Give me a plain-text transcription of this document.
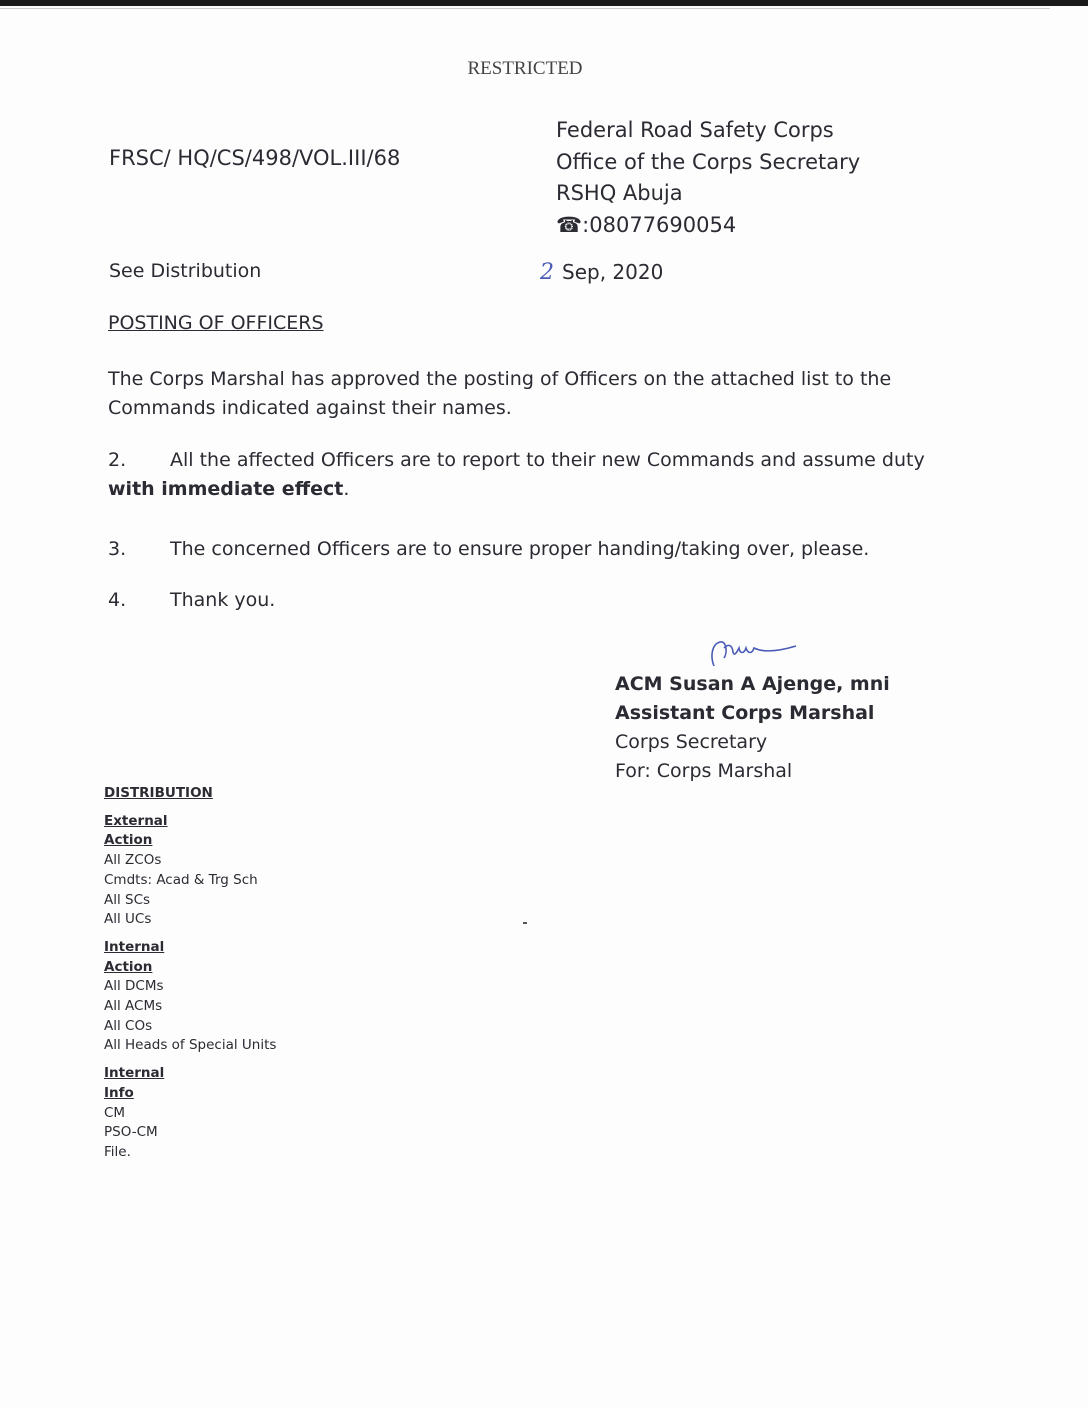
RESTRICTED
FRSC/ HQ/CS/498/VOL.III/68
Federal Road Safety Corps
Office of the Corps Secretary
RSHQ Abuja
☎:08077690054
See Distribution	2 Sep, 2020
POSTING OF OFFICERS
The Corps Marshal has approved the posting of Officers on the attached list to the Commands indicated against their names.
2. All the affected Officers are to report to their new Commands and assume duty with immediate effect.
3. The concerned Officers are to ensure proper handing/taking over, please.
4. Thank you.
ACM Susan A Ajenge, mni
Assistant Corps Marshal
Corps Secretary
For: Corps Marshal
DISTRIBUTION
External
Action
All ZCOs
Cmdts: Acad & Trg Sch
All SCs
All UCs
Internal
Action
All DCMs
All ACMs
All COs
All Heads of Special Units
Internal
Info
CM
PSO-CM
File.
